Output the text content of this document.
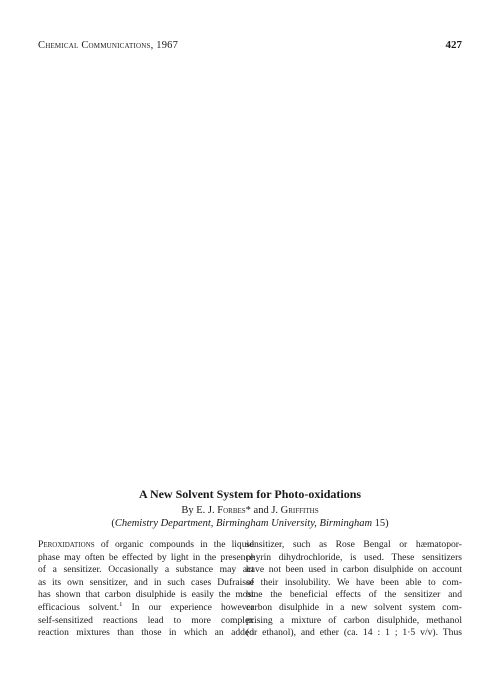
Chemical Communications, 1967	427
A New Solvent System for Photo-oxidations
By E. J. Forbes* and J. Griffiths
(Chemistry Department, Birmingham University, Birmingham 15)
Peroxidations of organic compounds in the liquid
phase may often be effected by light in the presence
of a sensitizer. Occasionally a substance may act
as its own sensitizer, and in such cases Dufraisse
has shown that carbon disulphide is easily the most
efficacious solvent.$^1$ In our experience however
self-sensitized reactions lead to more complex
reaction mixtures than those in which an added
sensitizer, such as Rose Bengal or hæmatopor-
phyrin dihydrochloride, is used. These sensitizers
have not been used in carbon disulphide on account
of their insolubility. We have been able to com-
bine the beneficial effects of the sensitizer and
carbon disulphide in a new solvent system com-
prising a mixture of carbon disulphide, methanol
(or ethanol), and ether (ca. 14 : 1 ; 1·5 v/v). Thus
